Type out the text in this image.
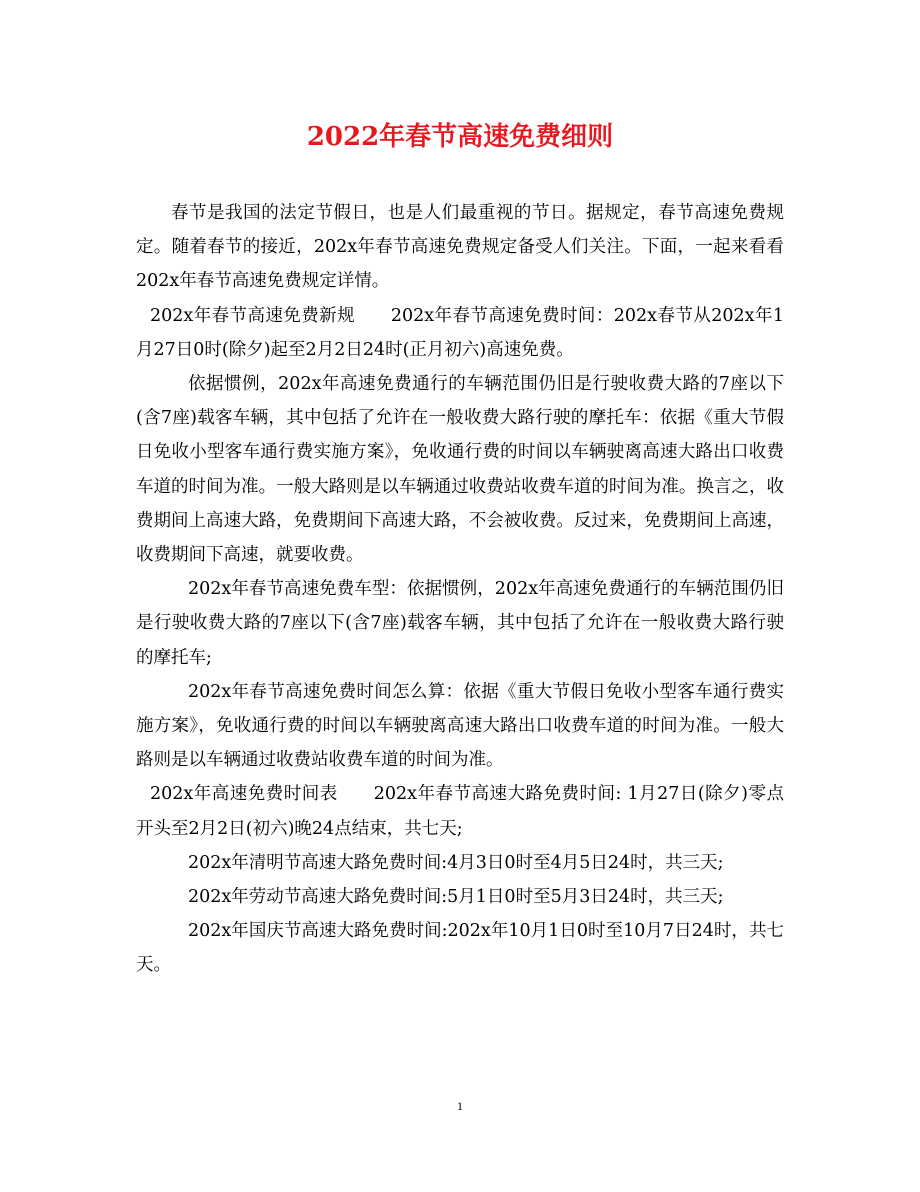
2022年春节高速免费细则

春节是我国的法定节假日，也是人们最重视的节日。据规定，春节高速免费规定。随着春节的接近，202x年春节高速免费规定备受人们关注。下面，一起来看看202x年春节高速免费规定详情。

202x年春节高速免费新规　　202x年春节高速免费时间：202x春节从202x年1月27日0时(除夕)起至2月2日24时(正月初六)高速免费。

依据惯例，202x年高速免费通行的车辆范围仍旧是行驶收费大路的7座以下(含7座)载客车辆，其中包括了允许在一般收费大路行驶的摩托车：依据《重大节假日免收小型客车通行费实施方案》，免收通行费的时间以车辆驶离高速大路出口收费车道的时间为准。一般大路则是以车辆通过收费站收费车道的时间为准。换言之，收费期间上高速大路，免费期间下高速大路，不会被收费。反过来，免费期间上高速，收费期间下高速，就要收费。

202x年春节高速免费车型：依据惯例，202x年高速免费通行的车辆范围仍旧是行驶收费大路的7座以下(含7座)载客车辆，其中包括了允许在一般收费大路行驶的摩托车;

202x年春节高速免费时间怎么算：依据《重大节假日免收小型客车通行费实施方案》，免收通行费的时间以车辆驶离高速大路出口收费车道的时间为准。一般大路则是以车辆通过收费站收费车道的时间为准。

202x年高速免费时间表　　202x年春节高速大路免费时间: 1月27日(除夕)零点开头至2月2日(初六)晚24点结束，共七天;

202x年清明节高速大路免费时间:4月3日0时至4月5日24时，共三天;

202x年劳动节高速大路免费时间:5月1日0时至5月3日24时，共三天;

202x年国庆节高速大路免费时间:202x年10月1日0时至10月7日24时，共七天。

1
